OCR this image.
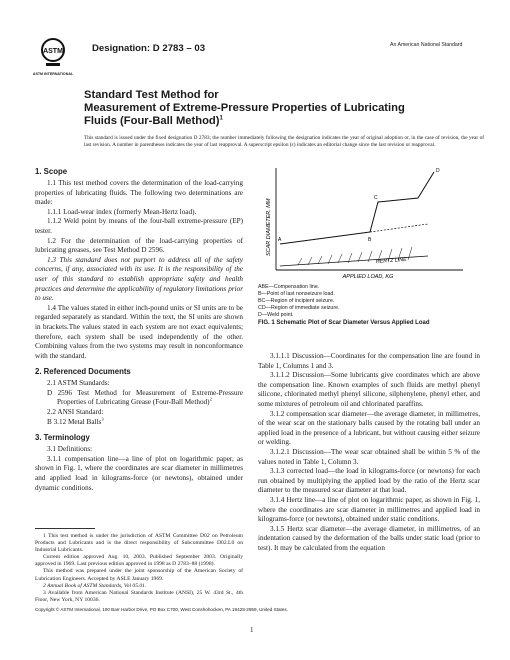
ASTM
ASTM INTERNATIONAL
Designation: D 2783 – 03	An American National Standard
Standard Test Method for
Measurement of Extreme-Pressure Properties of Lubricating
Fluids (Four-Ball Method)$^1$
This standard is issued under the fixed designation D 2783; the number immediately following the designation indicates the year of original adoption or, in the case of revision, the year of last revision. A number in parentheses indicates the year of last reapproval. A superscript epsilon (ε) indicates an editorial change since the last revision or reapproval.

1. Scope

1.1 This test method covers the determination of the load-carrying properties of lubricating fluids. The following two determinations are made:

1.1.1 Load-wear index (formerly Mean-Hertz load).

1.1.2 Weld point by means of the four-ball extreme-pressure (EP) tester.

1.2 For the determination of the load-carrying properties of lubricating greases, see Test Method D 2596.

1.3 This standard does not purport to address all of the safety concerns, if any, associated with its use. It is the responsibility of the user of this standard to establish appropriate safety and health practices and determine the applicability of regulatory limitations prior to use.

1.4 The values stated in either inch-pound units or SI units are to be regarded separately as standard. Within the text, the SI units are shown in brackets.The values stated in each system are not exact equivalents; therefore, each system shall be used independently of the other. Combining values from the two systems may result in nonconformance with the standard.

2. Referenced Documents

2.1 ASTM Standards:

D 2596 Test Method for Measurement of Extreme-Pressure Properties of Lubricating Grease (Four-Ball Method)$^2$

2.2 ANSI Standard:

B 3.12 Metal Balls$^3$

3. Terminology

3.1 Definitions:

3.1.1 compensation line—a line of plot on logarithmic paper, as shown in Fig. 1, where the coordinates are scar diameter in millimetres and applied load in kilograms-force (or newtons), obtained under dynamic conditions.

1 This test method is under the jurisdiction of ASTM Committee D02 on Petroleum Products and Lubricants and is the direct responsibility of Subcommittee D02.L0 on Industrial Lubricants.

Current edition approved Aug. 10, 2003. Published September 2003. Originally approved in 1969. Last previous edition approved in 1998 as D 2783–88 (1998).

This method was prepared under the joint sponsorship of the American Society of Lubrication Engineers. Accepted by ASLE January 1969.

2 Annual Book of ASTM Standards, Vol 05.01.

3 Available from American National Standards Institute (ANSI), 25 W. 43rd St., 4th Floor, New York, NY 10036.

A	B
C
D
HERTZ LINE
SCAR DIAMETER, MM
APPLIED LOAD, KG

ABE—Compensation line.

B—Point of last nonseizure load.

BC—Region of incipient seizure.

CD—Region of immediate seizure.

D—Weld point.

FIG. 1 Schematic Plot of Scar Diameter Versus Applied Load

3.1.1.1 Discussion—Coordinates for the compensation line are found in Table 1, Columns 1 and 3.

3.1.1.2 Discussion—Some lubricants give coordinates which are above the compensation line. Known examples of such fluids are methyl phenyl silicone, chlorinated methyl phenyl silicone, silphenylene, phenyl ether, and some mixtures of petroleum oil and chlorinated paraffins.

3.1.2 compensation scar diameter—the average diameter, in millimetres, of the wear scar on the stationary balls caused by the rotating ball under an applied load in the presence of a lubricant, but without causing either seizure or welding.

3.1.2.1 Discussion—The wear scar obtained shall be within 5 % of the values noted in Table 1, Column 3.

3.1.3 corrected load—the load in kilograms-force (or newtons) for each run obtained by multiplying the applied load by the ratio of the Hertz scar diameter to the measured scar diameter at that load.

3.1.4 Hertz line—a line of plot on logarithmic paper, as shown in Fig. 1, where the coordinates are scar diameter in millimetres and applied load in kilograms-force (or newtons), obtained under static conditions.

3.1.5 Hertz scar diameter—the average diameter, in millimetres, of an indentation caused by the deformation of the balls under static load (prior to test). It may be calculated from the equation

Copyright © ASTM International, 100 Barr Harbor Drive, PO Box C700, West Conshohocken, PA 19428-2959, United States.
1
